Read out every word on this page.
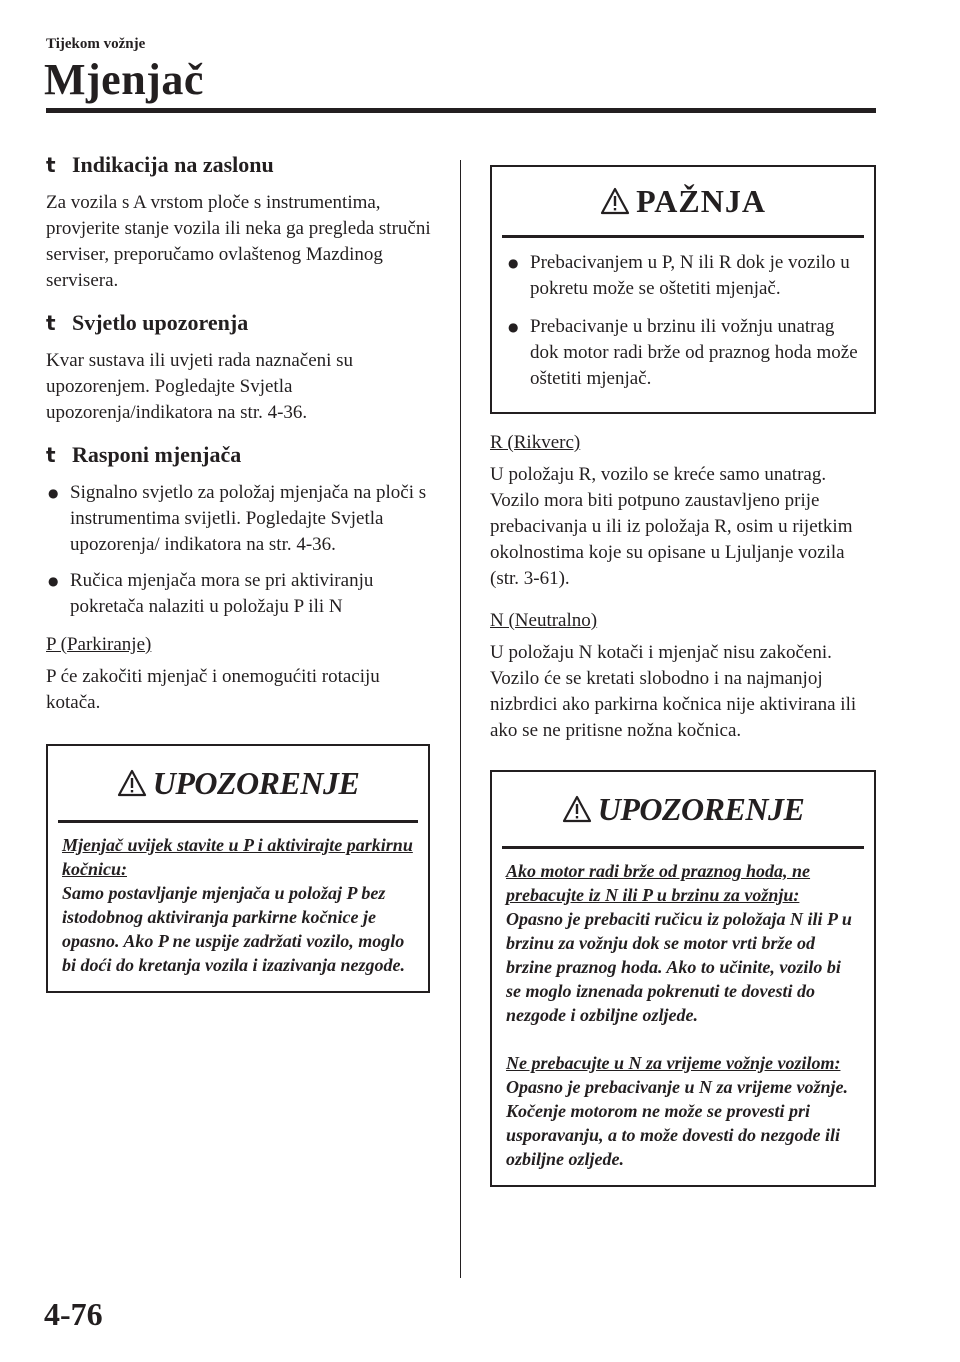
Tijekom vožnje
Mjenjač
t Indikacija na zaslonu

Za vozila s A vrstom ploče s instrumentima, provjerite stanje vozila ili neka ga pregleda stručni serviser, preporučamo ovlaštenog Mazdinog servisera.

t Svjetlo upozorenja

Kvar sustava ili uvjeti rada naznačeni su upozorenjem. Pogledajte Svjetla upozorenja/indikatora na str. 4-36.

t Rasponi mjenjača
● Signalno svjetlo za položaj mjenjača na ploči s instrumentima svijetli. Pogledajte Svjetla upozorenja/ indikatora na str. 4-36.
● Ručica mjenjača mora se pri aktiviranju pokretača nalaziti u položaju P ili N
P (Parkiranje)

P će zakočiti mjenjač i onemogućiti rotaciju kotača.

UPOZORENJE

Mjenjač uvijek stavite u P i aktivirajte parkirnu kočnicu:

Samo postavljanje mjenjača u položaj P bez istodobnog aktiviranja parkirne kočnice je opasno. Ako P ne uspije zadržati vozilo, moglo bi doći do kretanja vozila i izazivanja nezgode.

PAŽNJA
● Prebacivanjem u P, N ili R dok je vozilo u pokretu može se oštetiti mjenjač.
● Prebacivanje u brzinu ili vožnju unatrag dok motor radi brže od praznog hoda može oštetiti mjenjač.
R (Rikverc)

U položaju R, vozilo se kreće samo unatrag. Vozilo mora biti potpuno zaustavljeno prije prebacivanja u ili iz položaja R, osim u rijetkim okolnostima koje su opisane u Ljuljanje vozila (str. 3-61).

N (Neutralno)

U položaju N kotači i mjenjač nisu zakočeni. Vozilo će se kretati slobodno i na najmanjoj nizbrdici ako parkirna kočnica nije aktivirana ili ako se ne pritisne nožna kočnica.

UPOZORENJE

Ako motor radi brže od praznog hoda, ne prebacujte iz N ili P u brzinu za vožnju:

Opasno je prebaciti ručicu iz položaja N ili P u brzinu za vožnju dok se motor vrti brže od brzine praznog hoda. Ako to učinite, vozilo bi se moglo iznenada pokrenuti te dovesti do nezgode i ozbiljne ozljede.

Ne prebacujte u N za vrijeme vožnje vozilom:

Opasno je prebacivanje u N za vrijeme vožnje. Kočenje motorom ne može se provesti pri usporavanju, a to može dovesti do nezgode ili ozbiljne ozljede.

4-76
